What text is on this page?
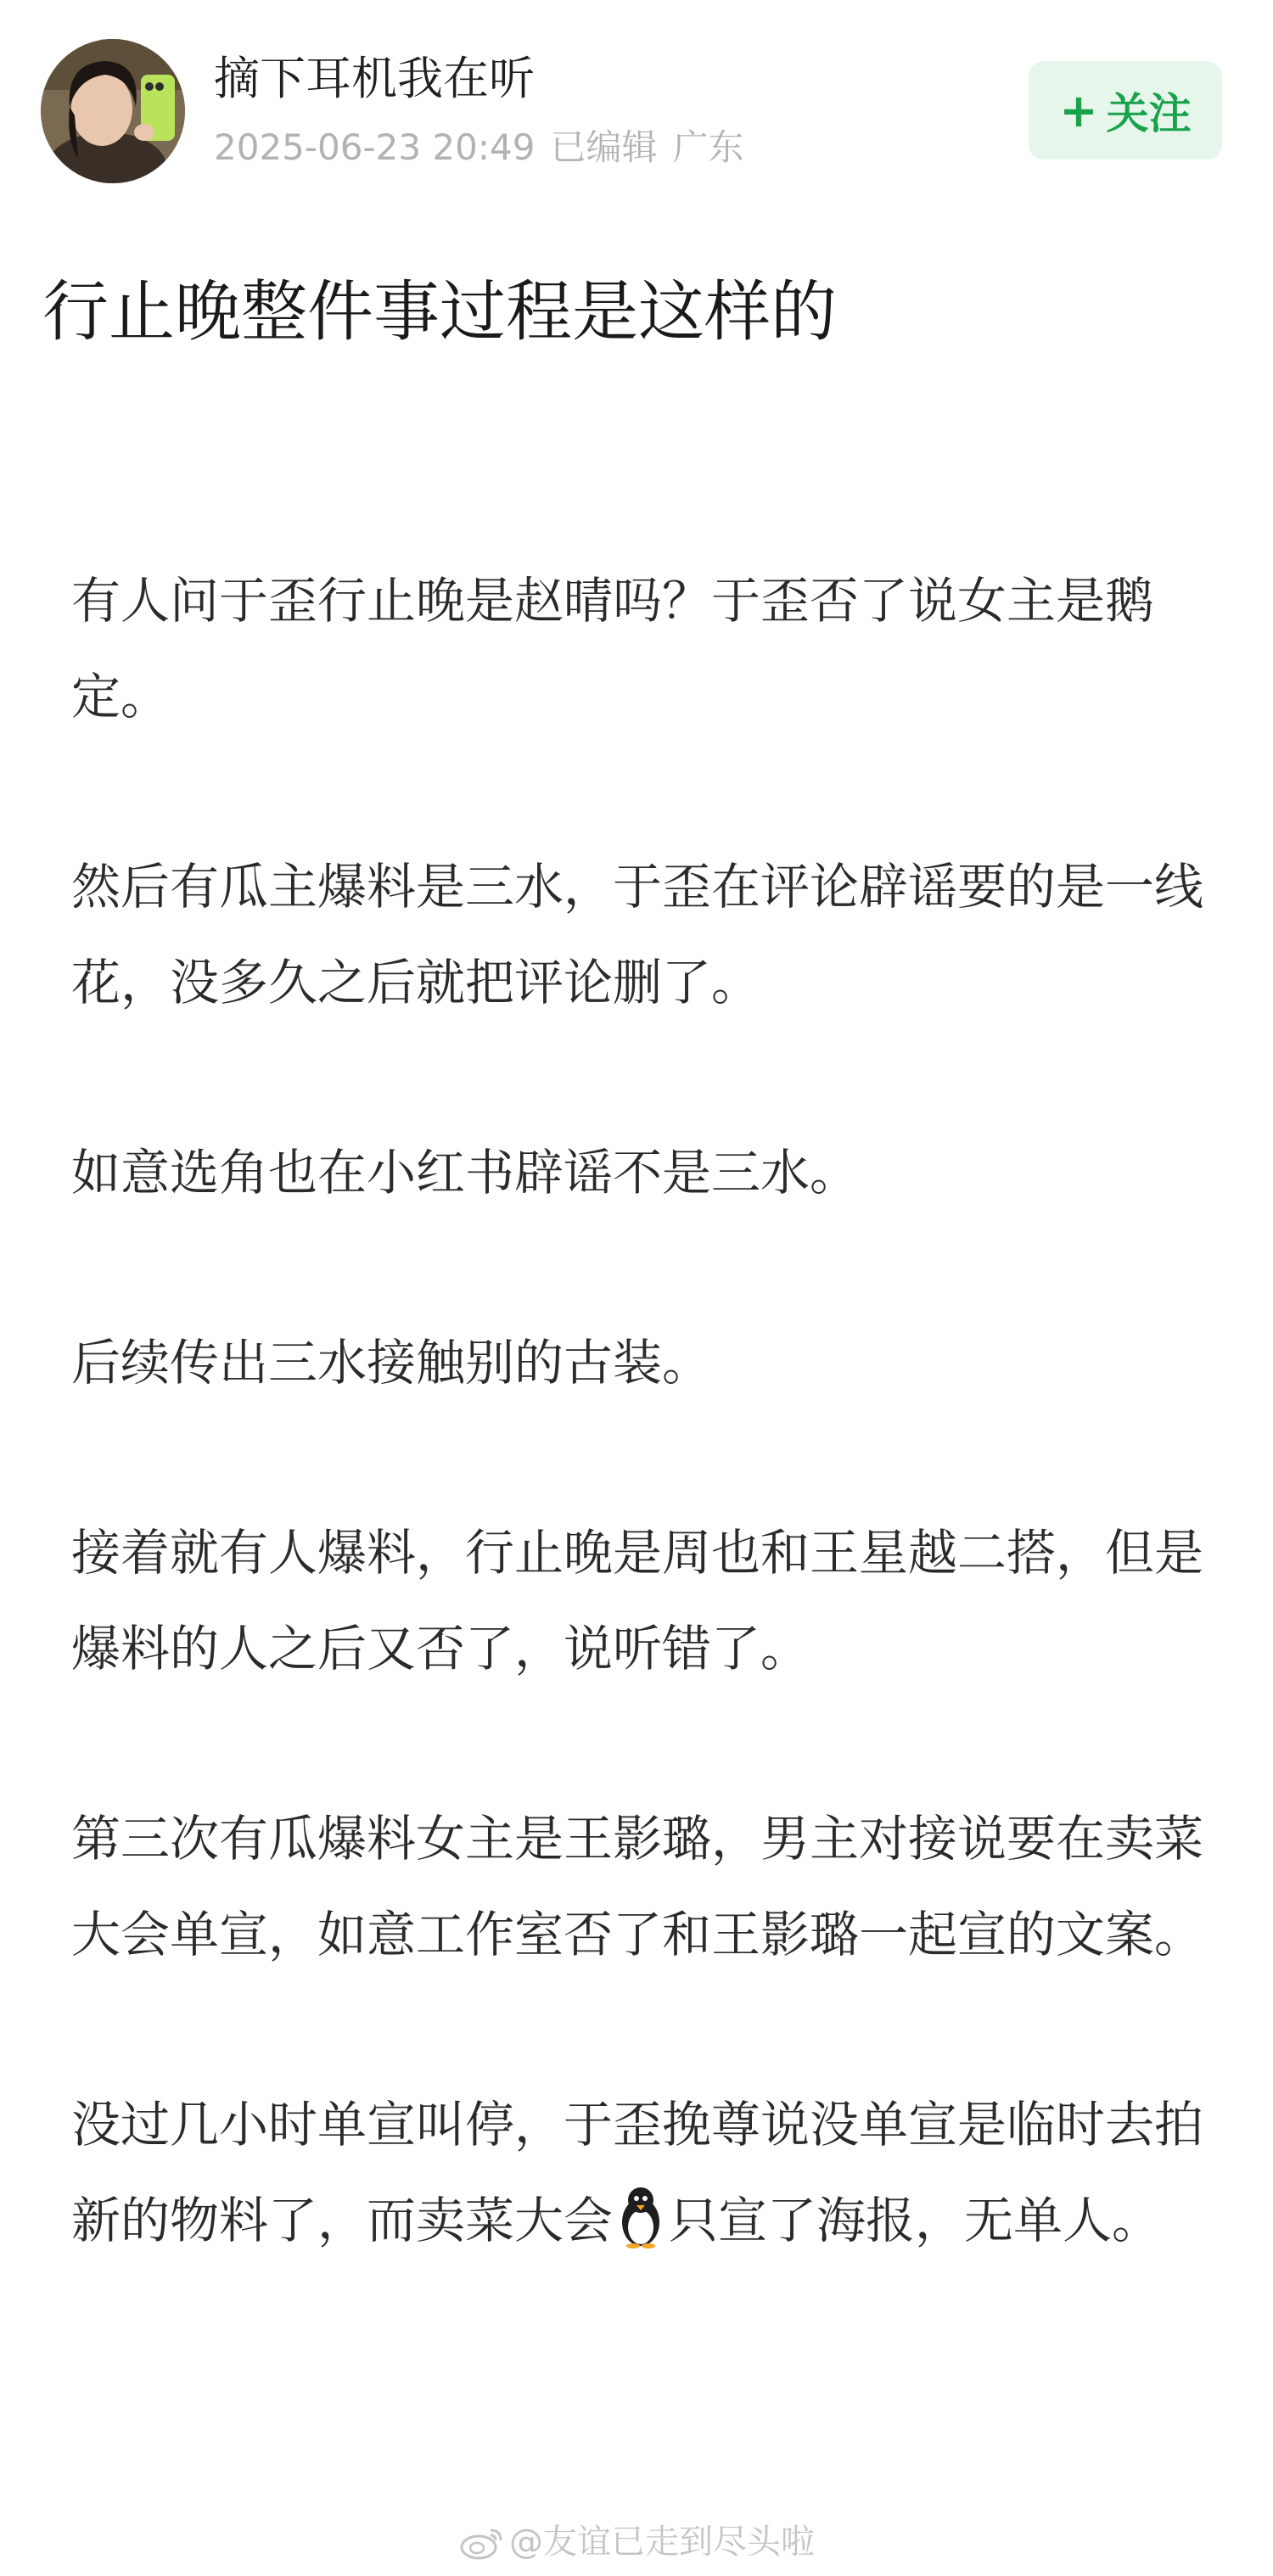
摘下耳机我在听
2025-06-23 20:49 已编辑 广东
+ 关注
行止晚整件事过程是这样的

有人问于歪行止晚是赵晴吗？于歪否了说女主是鹅定。

然后有瓜主爆料是三水，于歪在评论辟谣要的是一线花，没多久之后就把评论删了。

如意选角也在小红书辟谣不是三水。

后续传出三水接触别的古装。

接着就有人爆料，行止晚是周也和王星越二搭，但是爆料的人之后又否了，说听错了。

第三次有瓜爆料女主是王影璐，男主对接说要在卖菜大会单宣，如意工作室否了和王影璐一起宣的文案。

没过几小时单宣叫停，于歪挽尊说没单宣是临时去拍新的物料了，而卖菜大会 只宣了海报，无单人。

@友谊已走到尽头啦
